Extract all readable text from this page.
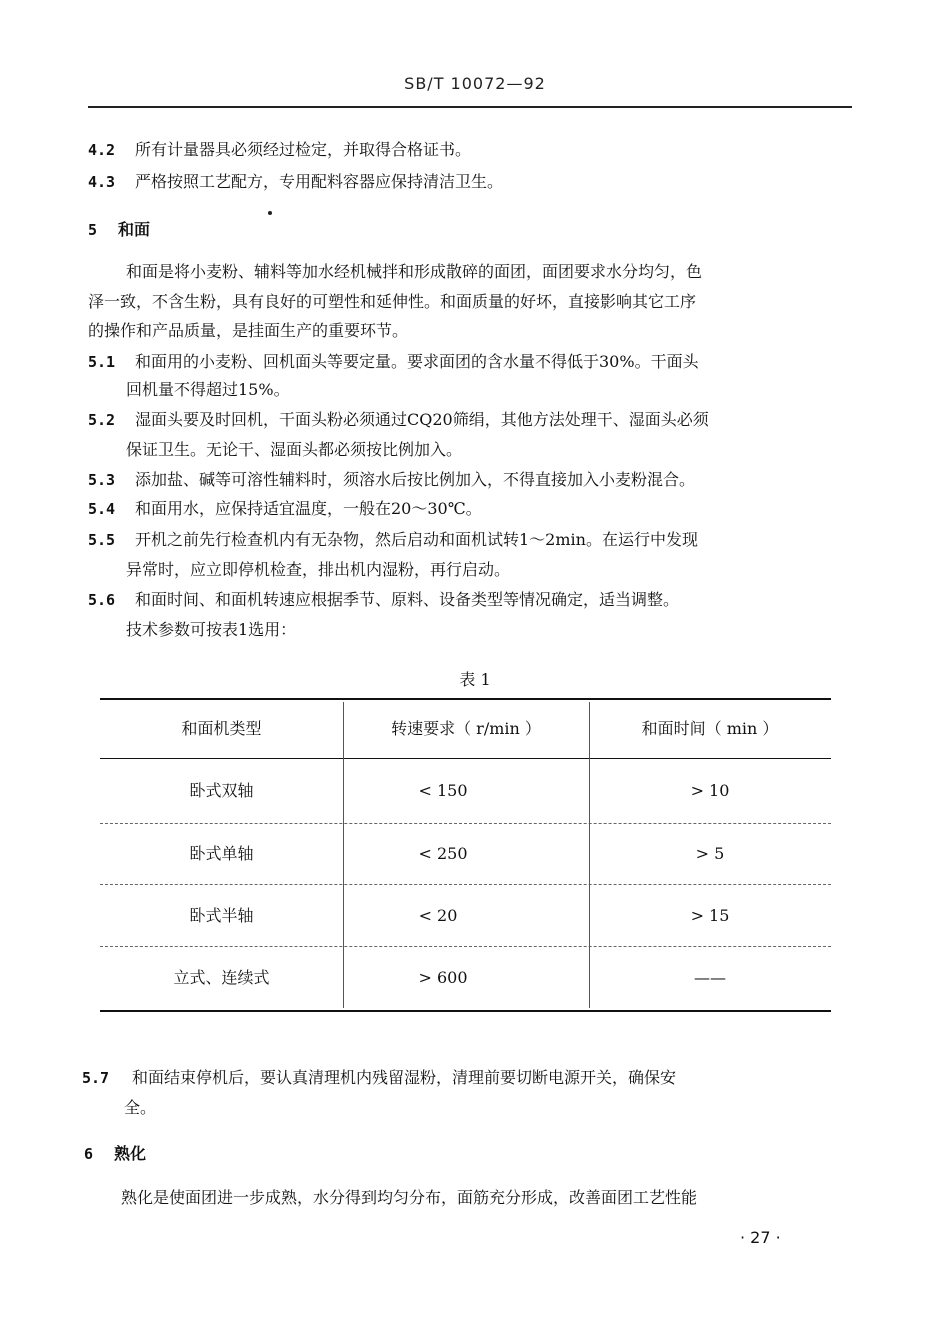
SB/T 10072—92
4.2 所有计量器具必须经过检定，并取得合格证书。
4.3 严格按照工艺配方，专用配料容器应保持清洁卫生。
5 和面
和面是将小麦粉、辅料等加水经机械拌和形成散碎的面团，面团要求水分均匀，色
泽一致，不含生粉，具有良好的可塑性和延伸性。和面质量的好坏，直接影响其它工序
的操作和产品质量，是挂面生产的重要环节。
5.1 和面用的小麦粉、回机面头等要定量。要求面团的含水量不得低于30%。干面头
回机量不得超过15%。
5.2 湿面头要及时回机，干面头粉必须通过CQ20筛绢，其他方法处理干、湿面头必须
保证卫生。无论干、湿面头都必须按比例加入。
5.3 添加盐、碱等可溶性辅料时，须溶水后按比例加入，不得直接加入小麦粉混合。
5.4 和面用水，应保持适宜温度，一般在20～30℃。
5.5 开机之前先行检查机内有无杂物，然后启动和面机试转1～2min。在运行中发现
异常时，应立即停机检查，排出机内湿粉，再行启动。
5.6 和面时间、和面机转速应根据季节、原料、设备类型等情况确定，适当调整。
技术参数可按表1选用：
表 1
和面机类型	转速要求（ r/min ）	和面时间（ min ）
卧式双轴	< 150	> 10
卧式单轴	< 250	> 5
卧式半轴	< 20	> 15
立式、连续式	> 600	——
5.7 和面结束停机后，要认真清理机内残留湿粉，清理前要切断电源开关，确保安
全。
6 熟化
熟化是使面团进一步成熟，水分得到均匀分布，面筋充分形成，改善面团工艺性能
· 27 ·
